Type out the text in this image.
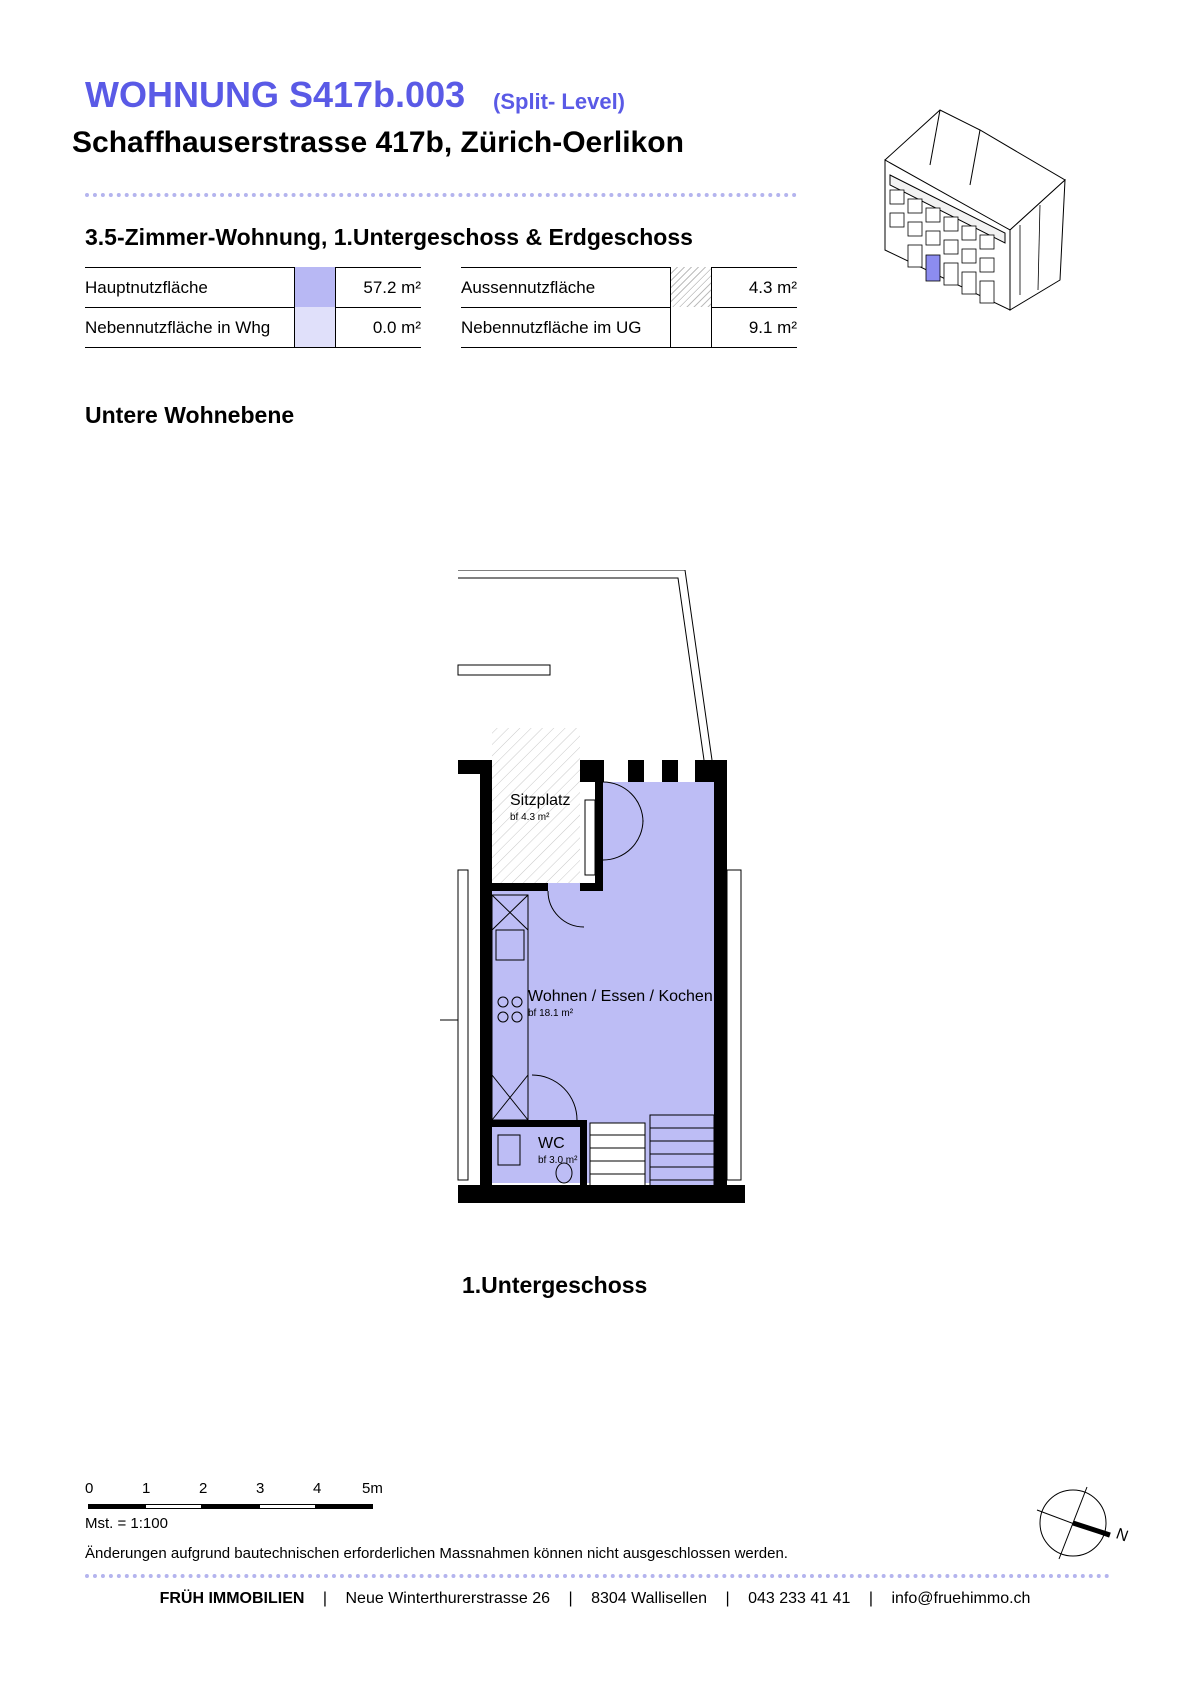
WOHNUNG S417b.003 (Split- Level)
Schaffhauserstrasse 417b, Zürich-Oerlikon
3.5-Zimmer-Wohnung, 1.Untergeschoss & Erdgeschoss
Hauptnutzfläche	57.2 m² Aussennutzfläche	4.3 m²
Nebennutzfläche in Whg	0.0 m² Nebennutzfläche im UG	9.1 m²
Untere Wohnebene
Sitzplatz
bf 4.3 m²
Wohnen / Essen / Kochen
bf 18.1 m²
WC
bf 3.0 m²
1.Untergeschoss
0	1	2	3	4	5m
Mst. = 1:100
N
Änderungen aufgrund bautechnischen erforderlichen Massnahmen können nicht ausgeschlossen werden.
FRÜH IMMOBILIEN | Neue Winterthurerstrasse 26 | 8304 Wallisellen | 043 233 41 41 | info@fruehimmo.ch
